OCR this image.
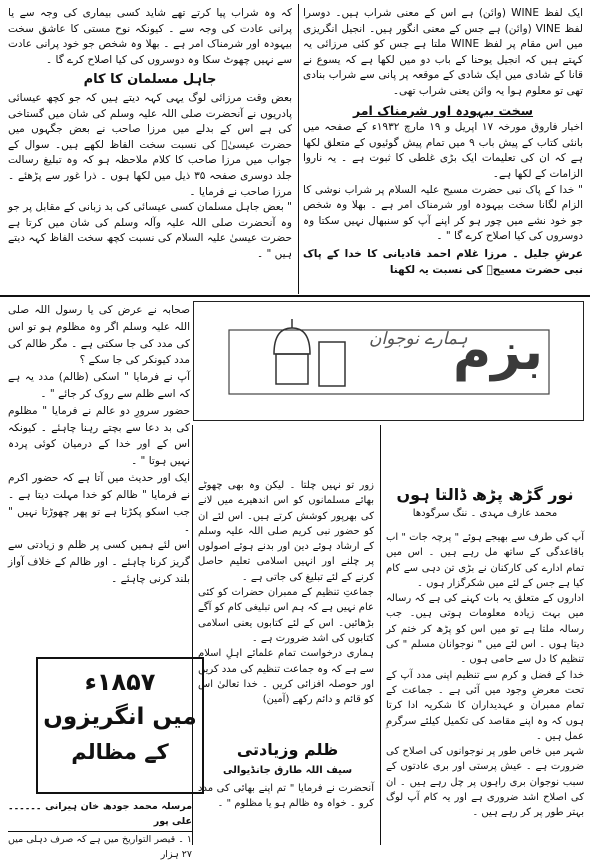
ایک لفظ WINE (وائن) ہے اس کے معنی شراب ہیں۔ دوسرا لفظ VINE (وائن) ہے جس کے معنی انگور ہیں۔ انجیل انگریزی میں اس مقام پر لفظ WINE ملتا ہے جس کو کئی مرزائی یہ کہتے ہیں کہ انجیل یوحنا کے باب دو میں لکھا ہے کہ یسوع نے قانا کے شادی میں ایک شادی کے موقعہ پر پانی سے شراب بنادی تھی تو معلوم ہوا یہ وائن یعنی شراب تھی۔

سخت بیہودہ اور شرمناک امر

اخبار فاروق مورخہ ۱۷ اپریل و ۱۹ مارچ ۱۹۳۲ء کے صفحہ میں بانئی کتاب کے پیش باب ۹ میں تمام پیش گوئیوں کے متعلق لکھا ہے کہ ان کی تعلیمات ایک بڑی غلطی کا ثبوت ہے ۔ یہ ناروا الزامات کے لکھا ہے۔

" خدا کے پاک نبی حضرت مسیح علیہ السلام پر شراب نوشی کا الزام لگانا سخت بیہودہ اور شرمناک امر ہے ۔ بھلا وہ شخص جو خود نشے میں چور ہو کر اپنے آپ کو سنبھال نہیں سکتا وہ دوسروں کی کیا اصلاح کرے گا " ۔

عرشِ جلیل ۔ مرزا غلام احمد قادیانی کا خدا کے پاک نبی حضرت مسیحؑ کی نسبت یہ لکھنا

کہ وہ شراب پیا کرتے تھے شاید کسی بیماری کی وجہ سے یا پرانی عادت کی وجہ سے ۔ کیونکہ نوح مستی کا عاشق سخت بیہودہ اور شرمناک امر ہے ۔ بھلا وہ شخص جو خود پرانی عادت سے نہیں چھوٹ سکا وہ دوسروں کی کیا اصلاح کرے گا ۔

جاہل مسلمان کا کام

بعض وقت مرزائی لوگ یہی کہہ دیتے ہیں کہ جو کچھ عیسائی پادریوں نے آنحضرت صلی اللہ علیہ وسلم کی شان میں گستاخی کی ہے اس کے بدلے میں مرزا صاحب نے بعض جگہوں میں حضرت عیسیٰؑ کی نسبت سخت الفاظ لکھے ہیں۔ سوال کے جواب میں مرزا صاحب کا کلام ملاحظہ ہو کہ وہ تبلیغ رسالت جلد دوسری صفحہ ۳۵ ذیل میں لکھا ہوں ۔ ذرا غور سے پڑھئے ۔ مرزا صاحب نے فرمایا ۔

" بعض جاہل مسلمان کسی عیسائی کی بد زبانی کے مقابل پر جو وہ آنحضرت صلی اللہ علیہ وآلہ وسلم کی شان میں کرتا ہے حضرت عیسیٰ علیہ السلام کی نسبت کچھ سخت الفاظ کہہ دیتے ہیں " ۔

بزم
ہمارے نوجوان

صحابہ نے عرض کی یا رسول اللہ صلی اللہ علیہ وسلم اگر وہ مظلوم ہو تو اس کی مدد کی جا سکتی ہے ۔ مگر ظالم کی مدد کیونکر کی جا سکے ؟

آپ نے فرمایا " اسکی (ظالم) مدد یہ ہے کہ اسے ظلم سے روک کر جائے " ۔

حضور سرورِ دو عالم نے فرمایا " مظلوم کی بد دعا سے بچتے رہنا چاہئے ۔ کیونکہ اس کے اور خدا کے درمیان کوئی پردہ نہیں ہوتا " ۔

ایک اور حدیث میں آتا ہے کہ حضور اکرم نے فرمایا " ظالم کو خدا مہلت دیتا ہے ۔ جب اسکو پکڑتا ہے تو پھر چھوڑتا نہیں " ۔

اس لئے ہمیں کسی پر ظلم و زیادتی سے گریز کرنا چاہئے ۔ اور ظالم کے خلاف آواز بلند کرنی چاہئے ۔

۱۸۵۷ء
میں انگریزوں
کے مظالم

مرسلہ محمد جودھ خان ہیرانی ۔۔۔۔۔۔ علی پور

۱ ۔ قیصر التواریخ میں ہے کہ صرف دہلی میں ۲۷ ہزار

زور تو نہیں چلتا ۔ لیکن وہ بھی چھوٹے بھائے مسلمانوں کو اس اندھیرے میں لانے کی بھرپور کوشش کرتے ہیں۔ اس لئے ان کو حضور نبی کریم صلی اللہ علیہ وسلم کے ارشاد ہوئے دین اور بدنے ہوئے اصولوں پر چلنے اور انہیں اسلامی تعلیم حاصل کرنے کے لئے تبلیغ کی جاتی ہے ۔

جماعتِ تنظیم کے ممبران حضرات کو کئی عام نہیں ہے کہ ہم اس تبلیغی کام کو آگے بڑھائیں۔ اس کے لئے کتابوں یعنی اسلامی کتابوں کی اشد ضرورت ہے ۔

ہماری درخواست تمام علمائے اہلِ اسلام سے ہے کہ وہ جماعت تنظیم کی مدد کریں اور حوصلہ افزائی کریں ۔ خدا تعالیٰ اس کو قائم و دائم رکھے (آمین)

ظلم وزیادتی
سیف اللہ طارق جانڈیوالی

آنحضرت نے فرمایا " تم اپنے بھائی کی مدد کرو ۔ خواہ وہ ظالم ہو یا مظلوم " ۔

نور گڑھ پڑھ ڈالتا ہوں
محمد عارف مہدی ۔ ننگ سرگودھا

آپ کی طرف سے بھیجے ہوئے " پرچہ جات " اب باقاعدگی کے ساتھ مل رہے ہیں ۔ اس میں تمام ادارے کی کارکنان نے بڑی تن دہی سے کام کیا ہے جس کے لئے میں شکرگزار ہوں ۔

اداروں کے متعلق یہ بات کہنے کی ہے کہ رسالہ میں بہت زیادہ معلومات ہوتی ہیں۔ جب رسالہ ملتا ہے تو میں اس کو پڑھ کر ختم کر دیتا ہوں ۔ اس لئے میں " نوجوانان مسلم " کی تنظیم کا دل سے حامی ہوں ۔

خدا کے فضل و کرم سے تنظیم اپنی مدد آپ کے تحت معرضِ وجود میں آئی ہے ۔ جماعت کے تمام ممبران و عہدیداران کا شکریہ ادا کرتا ہوں کہ وہ اپنے مقاصد کی تکمیل کیلئے سرگرمِ عمل ہیں ۔

شہر میں خاص طور پر نوجوانوں کی اصلاح کی ضرورت ہے ۔ عیش پرستی اور بری عادتوں کے سبب نوجوان بری راہوں پر چل رہے ہیں ۔ ان کی اصلاح اشد ضروری ہے اور یہ کام آپ لوگ بہتر طور پر کر رہے ہیں ۔
